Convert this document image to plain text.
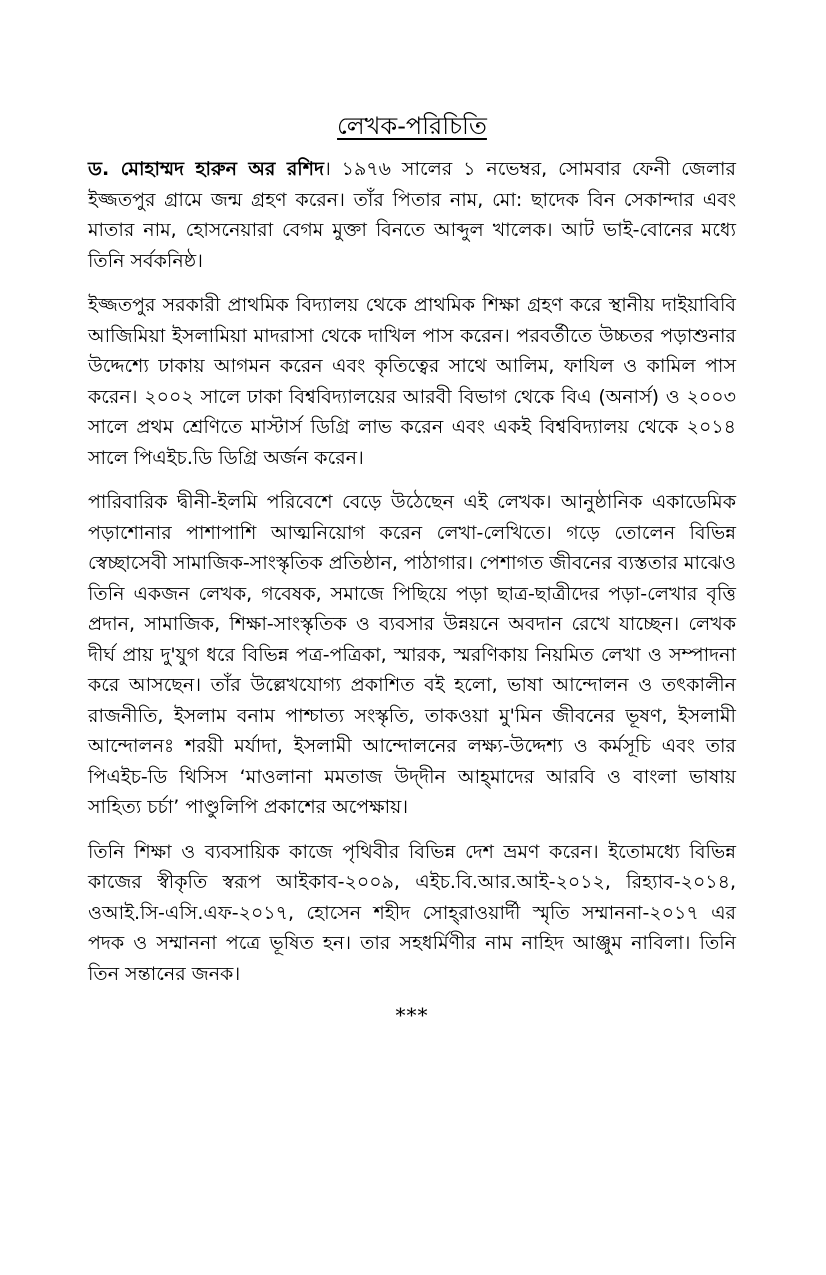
লেখক-পরিচিতি

ড. মোহাম্মদ হারুন অর রশিদ। ১৯৭৬ সালের ১ নভেম্বর, সোমবার ফেনী জেলার ইজ্জতপুর গ্রামে জন্ম গ্রহণ করেন। তাঁর পিতার নাম, মো: ছাদেক বিন সেকান্দার এবং মাতার নাম, হোসনেয়ারা বেগম মুক্তা বিনতে আব্দুল খালেক। আট ভাই-বোনের মধ্যে তিনি সর্বকনিষ্ঠ।

ইজ্জতপুর সরকারী প্রাথমিক বিদ্যালয় থেকে প্রাথমিক শিক্ষা গ্রহণ করে স্থানীয় দাইয়াবিবি আজিমিয়া ইসলামিয়া মাদরাসা থেকে দাখিল পাস করেন। পরবর্তীতে উচ্চতর পড়াশুনার উদ্দেশ্যে ঢাকায় আগমন করেন এবং কৃতিত্বের সাথে আলিম, ফাযিল ও কামিল পাস করেন। ২০০২ সালে ঢাকা বিশ্ববিদ্যালয়ের আরবী বিভাগ থেকে বিএ (অনার্স) ও ২০০৩ সালে প্রথম শ্রেণিতে মাস্টার্স ডিগ্রি লাভ করেন এবং একই বিশ্ববিদ্যালয় থেকে ২০১৪ সালে পিএইচ.ডি ডিগ্রি অর্জন করেন।

পারিবারিক দ্বীনী-ইলমি পরিবেশে বেড়ে উঠেছেন এই লেখক। আনুষ্ঠানিক একাডেমিক পড়াশোনার পাশাপাশি আত্মনিয়োগ করেন লেখা-লেখিতে। গড়ে তোলেন বিভিন্ন স্বেচ্ছাসেবী সামাজিক-সাংস্কৃতিক প্রতিষ্ঠান, পাঠাগার। পেশাগত জীবনের ব্যস্ততার মাঝেও তিনি একজন লেখক, গবেষক, সমাজে পিছিয়ে পড়া ছাত্র-ছাত্রীদের পড়া-লেখার বৃত্তি প্রদান, সামাজিক, শিক্ষা-সাংস্কৃতিক ও ব্যবসার উন্নয়নে অবদান রেখে যাচ্ছেন। লেখক দীর্ঘ প্রায় দু'যুগ ধরে বিভিন্ন পত্র-পত্রিকা, স্মারক, স্মরণিকায় নিয়মিত লেখা ও সম্পাদনা করে আসছেন। তাঁর উল্লেখযোগ্য প্রকাশিত বই হলো, ভাষা আন্দোলন ও তৎকালীন রাজনীতি, ইসলাম বনাম পাশ্চাত্য সংস্কৃতি, তাকওয়া মু'মিন জীবনের ভূষণ, ইসলামী আন্দোলনঃ শরয়ী মর্যাদা, ইসলামী আন্দোলনের লক্ষ্য-উদ্দেশ্য ও কর্মসূচি এবং তার পিএইচ-ডি থিসিস ‘মাওলানা মমতাজ উদ্‌দীন আহ্‌মাদের আরবি ও বাংলা ভাষায় সাহিত্য চর্চা’ পাণ্ডুলিপি প্রকাশের অপেক্ষায়।

তিনি শিক্ষা ও ব্যবসায়িক কাজে পৃথিবীর বিভিন্ন দেশ ভ্রমণ করেন। ইতোমধ্যে বিভিন্ন কাজের স্বীকৃতি স্বরূপ আইকাব-২০০৯, এইচ.বি.আর.আই-২০১২, রিহ্যাব-২০১৪, ওআই.সি-এসি.এফ-২০১৭, হোসেন শহীদ সোহ্‌রাওয়ার্দী স্মৃতি সম্মাননা-২০১৭ এর পদক ও সম্মাননা পত্রে ভূষিত হন। তার সহধর্মিণীর নাম নাহিদ আঞ্জুম নাবিলা। তিনি তিন সন্তানের জনক।

***
